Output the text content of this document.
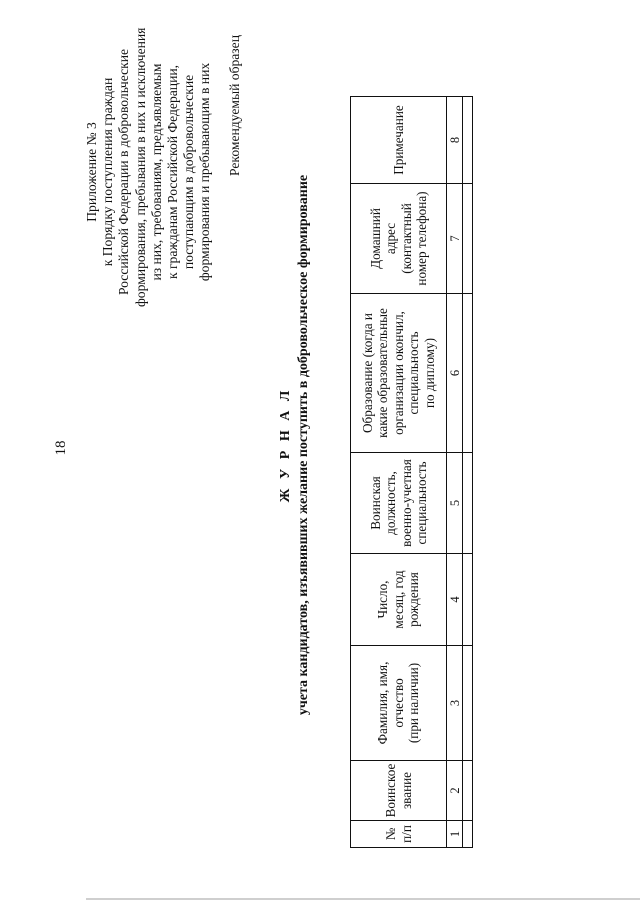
18
Приложение № 3 к Порядку поступления граждан Российской Федерации в добровольческие формирования, пребывания в них и исключения из них, требованиям, предъявляемым к гражданам Российской Федерации, поступающим в добровольческие формирования и пребывающим в них Рекомендуемый образец
Ж У Р Н А Л учета кандидатов, изъявивших желание поступить в добровольческое формирование
№ п/п	Воинское звание	Фамилия, имя, отчество (при наличии)	Число, месяц, год рождения	Воинская должность, военно-учетная специальность	Образование (когда и какие образовательные организации окончил, специальность по диплому)	Домашний адрес (контактный номер телефона)	Примечание

1	2	3	4	5	6	7	8
